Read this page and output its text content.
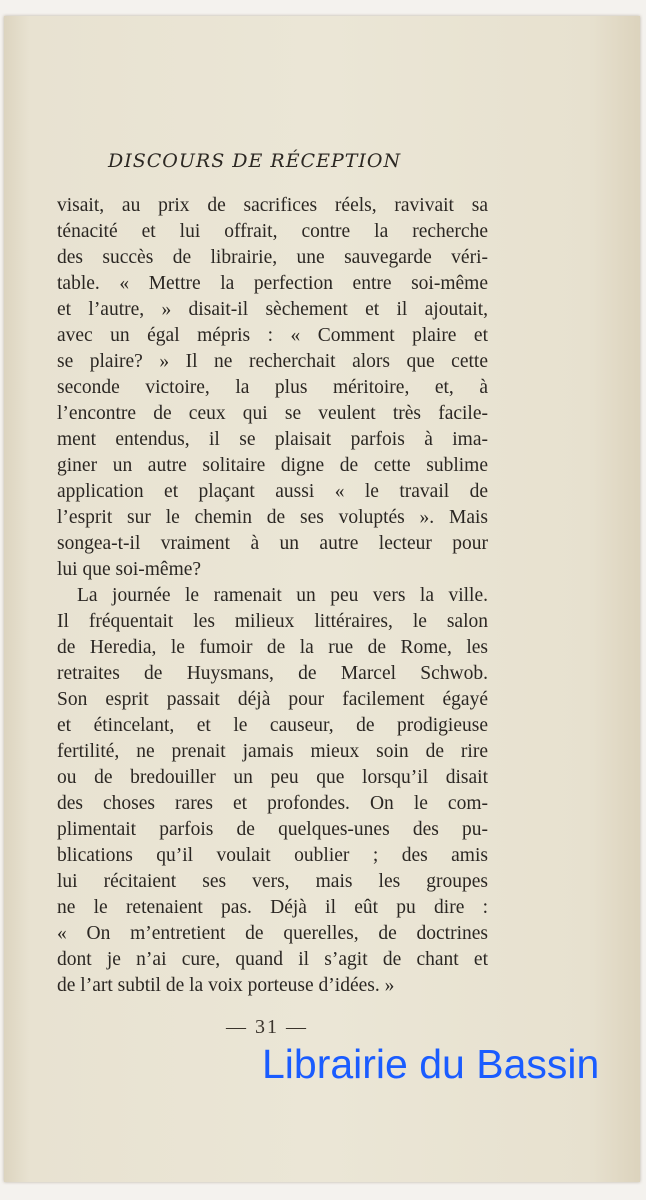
DISCOURS DE RÉCEPTION
visait, au prix de sacrifices réels, ravivait sa
ténacité et lui offrait, contre la recherche
des succès de librairie, une sauvegarde véri-
table. « Mettre la perfection entre soi-même
et l’autre, » disait-il sèchement et il ajoutait,
avec un égal mépris : « Comment plaire et
se plaire? » Il ne recherchait alors que cette
seconde victoire, la plus méritoire, et, à
l’encontre de ceux qui se veulent très facile-
ment entendus, il se plaisait parfois à ima-
giner un autre solitaire digne de cette sublime
application et plaçant aussi « le travail de
l’esprit sur le chemin de ses voluptés ». Mais
songea-t-il vraiment à un autre lecteur pour
lui que soi-même?
La journée le ramenait un peu vers la ville.
Il fréquentait les milieux littéraires, le salon
de Heredia, le fumoir de la rue de Rome, les
retraites de Huysmans, de Marcel Schwob.
Son esprit passait déjà pour facilement égayé
et étincelant, et le causeur, de prodigieuse
fertilité, ne prenait jamais mieux soin de rire
ou de bredouiller un peu que lorsqu’il disait
des choses rares et profondes. On le com-
plimentait parfois de quelques-unes des pu-
blications qu’il voulait oublier ; des amis
lui récitaient ses vers, mais les groupes
ne le retenaient pas. Déjà il eût pu dire :
« On m’entretient de querelles, de doctrines
dont je n’ai cure, quand il s’agit de chant et
de l’art subtil de la voix porteuse d’idées. »
— 31 —
Librairie du Bassin
